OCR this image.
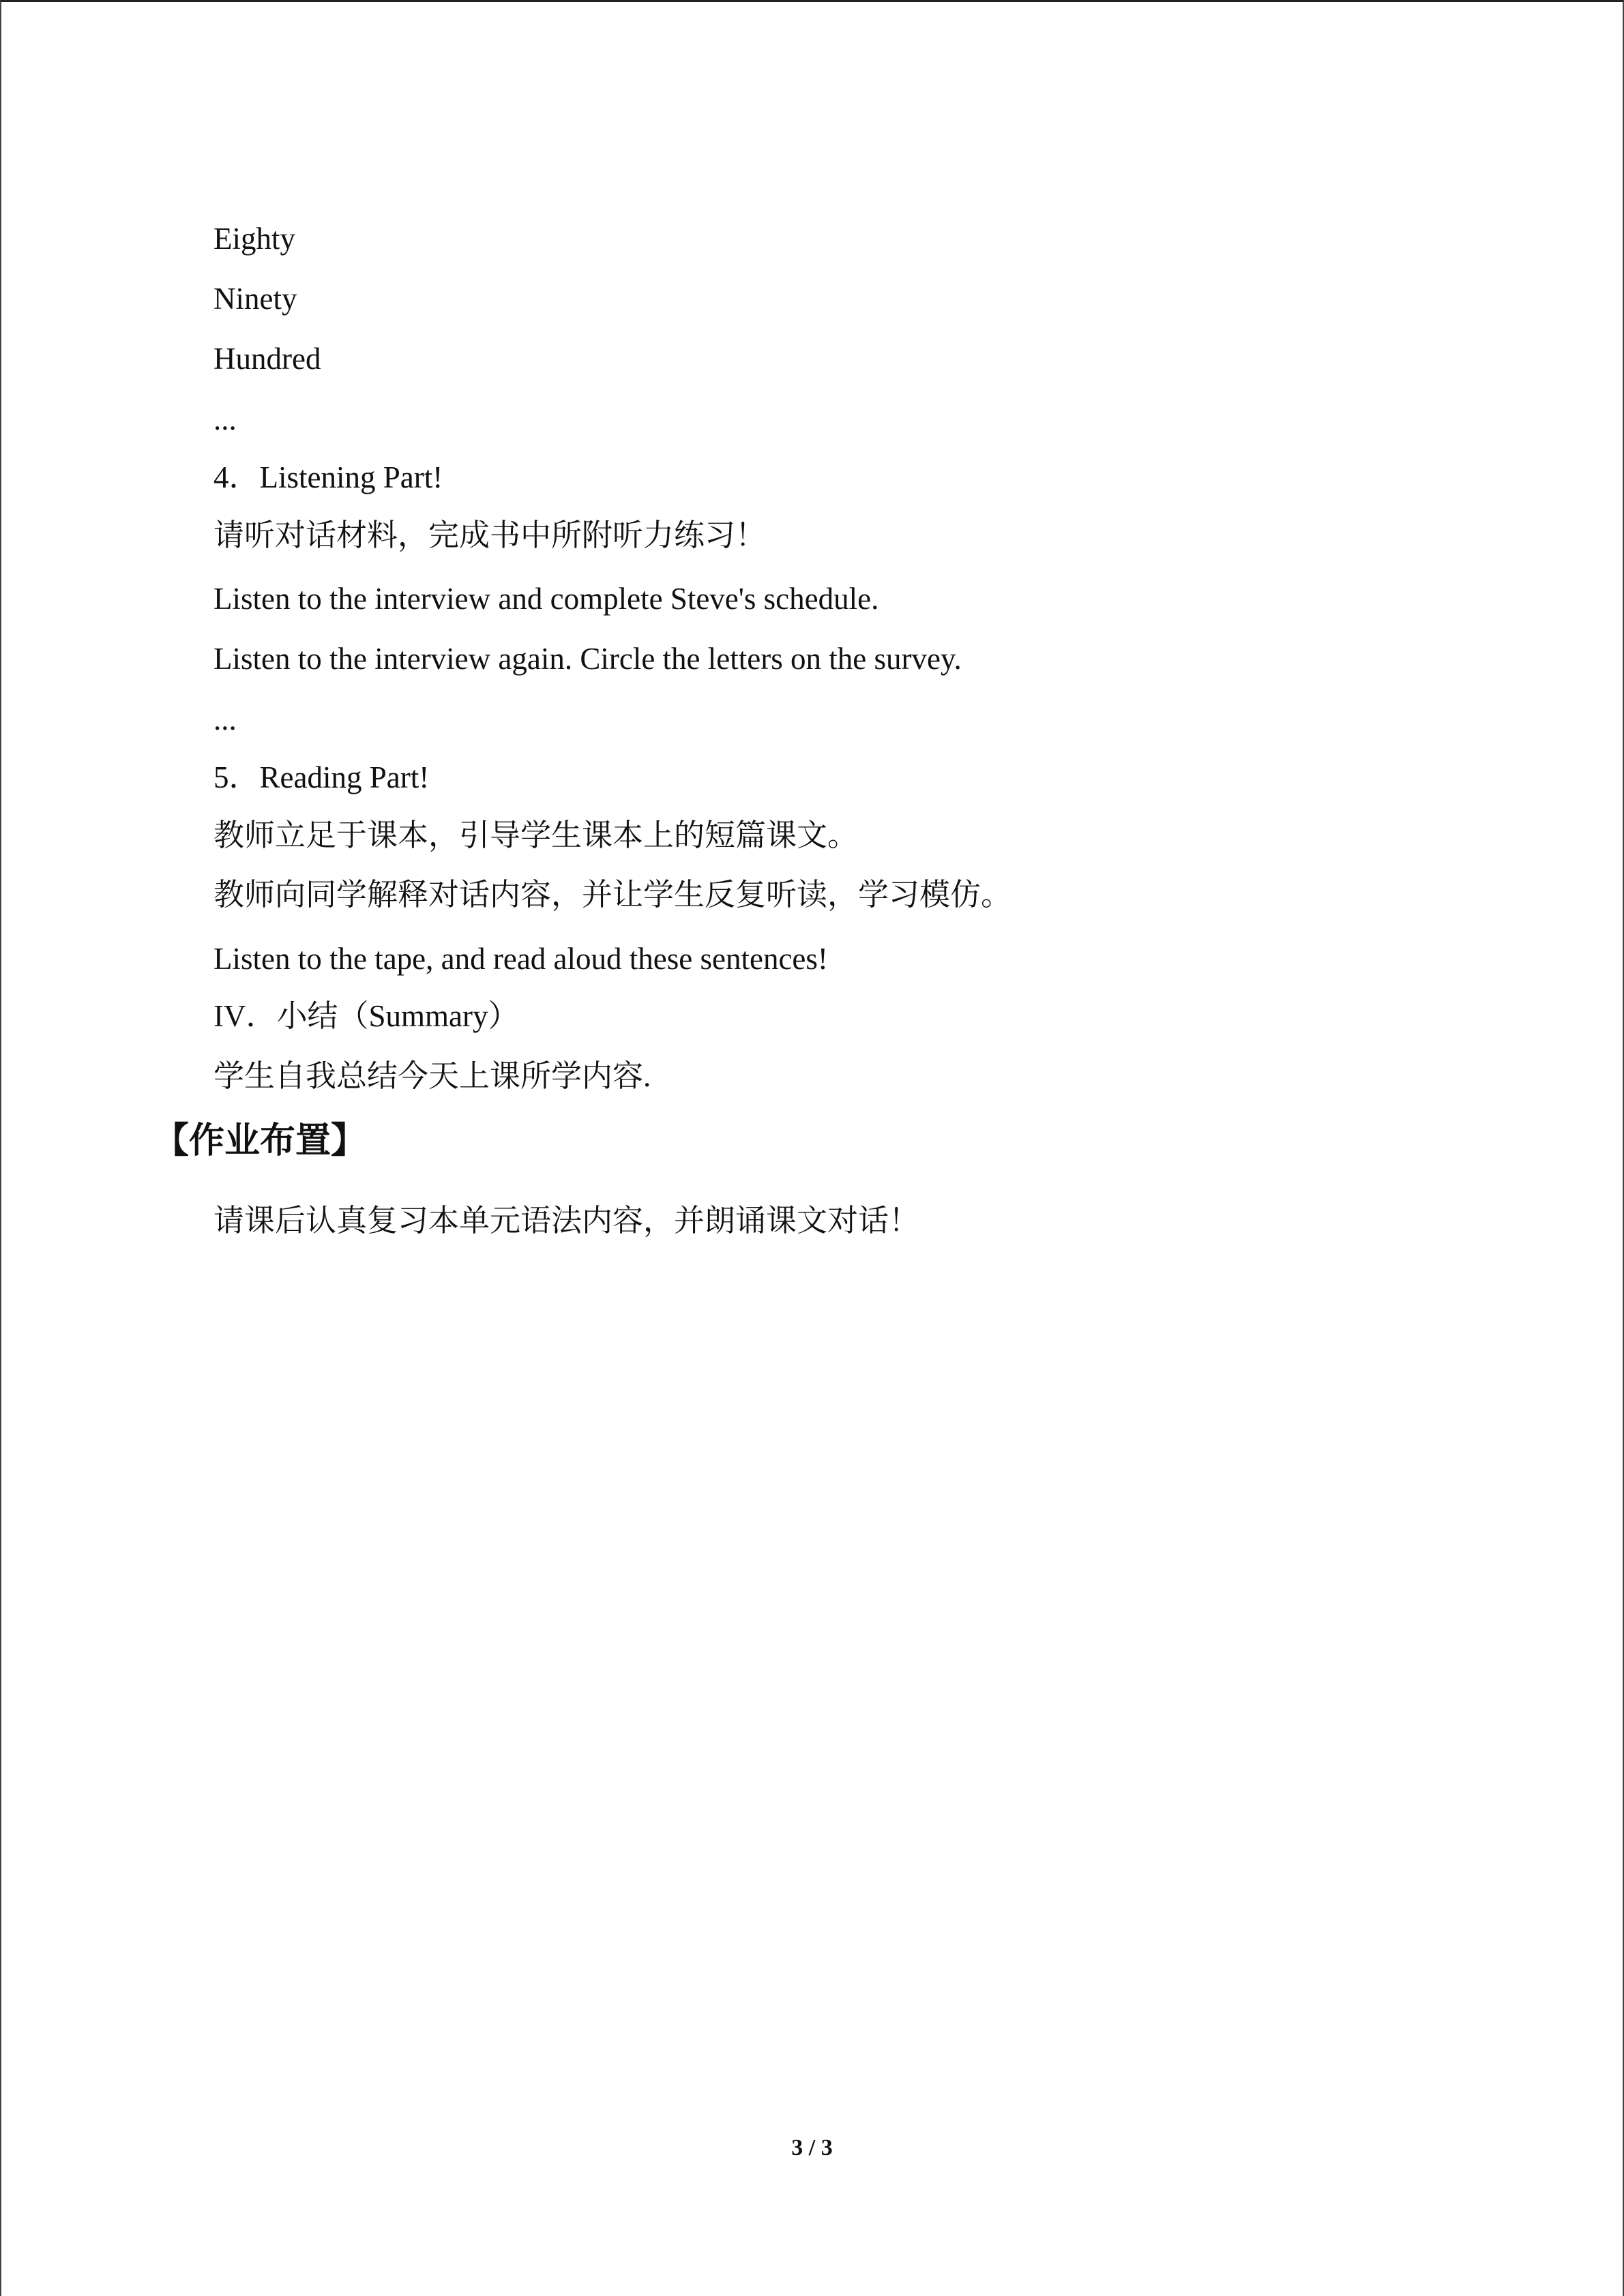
Eighty
Ninety
Hundred
...
4．Listening Part!
请听对话材料，完成书中所附听力练习！
Listen to the interview and complete Steve's schedule.
Listen to the interview again. Circle the letters on the survey.
...
5．Reading Part!
教师立足于课本，引导学生课本上的短篇课文。
教师向同学解释对话内容，并让学生反复听读，学习模仿。
Listen to the tape, and read aloud these sentences!
IV．小结（Summary）
学生自我总结今天上课所学内容.
【作业布置】
请课后认真复习本单元语法内容，并朗诵课文对话！
3 / 3
